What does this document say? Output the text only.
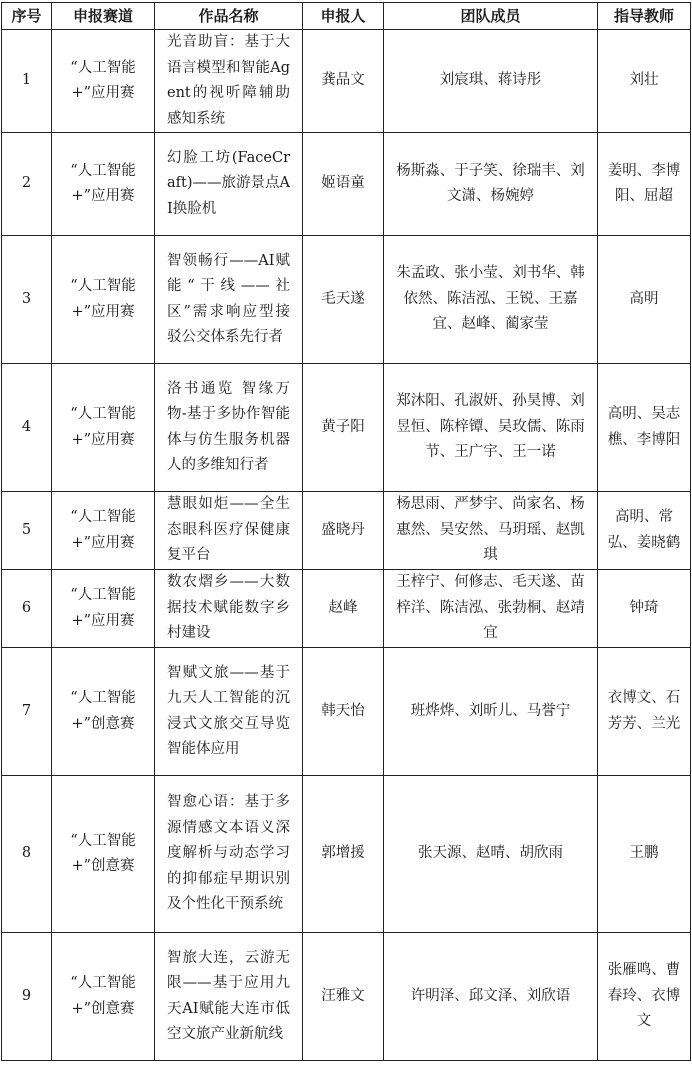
序号	申报赛道	作品名称	申报人	团队成员	指导教师
1	“人工智能+”应用赛	光音助盲：基于大语言模型和智能Agent的视听障辅助感知系统	龚品文	刘宸琪、蒋诗彤	刘壮
2	“人工智能+”应用赛	幻脸工坊(FaceCraft)——旅游景点AI换脸机	姬语童	杨斯淼、于子笑、徐瑞丰、刘文潇、杨婉婷	姜明、李博阳、屈超
3	“人工智能+”应用赛	智领畅行——AI赋能“干线——社区”需求响应型接驳公交体系先行者	毛天遂	朱孟政、张小莹、刘书华、韩依然、陈洁泓、王锐、王嘉宜、赵峰、蔺家莹	高明
4	“人工智能+”应用赛	洛书通览 智缘万物-基于多协作智能体与仿生服务机器人的多维知行者	黄子阳	郑沐阳、孔淑妍、孙昊博、刘昱恒、陈梓镡、吴玫儒、陈雨节、王广宇、王一诺	高明、吴志樵、李博阳
5	“人工智能+”应用赛	慧眼如炬——全生态眼科医疗保健康复平台	盛晓丹	杨思雨、严梦宇、尚家名、杨惠然、吴安然、马玥瑶、赵凯琪	高明、常弘、姜晓鹤
6	“人工智能+”应用赛	数农熠乡——大数据技术赋能数字乡村建设	赵峰	王梓宁、何修志、毛天遂、苗梓洋、陈洁泓、张勃桐、赵靖宜	钟琦
7	“人工智能+”创意赛	智赋文旅——基于九天人工智能的沉浸式文旅交互导览智能体应用	韩天怡	班烨烨、刘昕儿、马誉宁	衣博文、石芳芳、兰光
8	“人工智能+”创意赛	智愈心语：基于多源情感文本语义深度解析与动态学习的抑郁症早期识别及个性化干预系统	郭增援	张天源、赵晴、胡欣雨	王鹏
9	“人工智能+”创意赛	智旅大连，云游无限——基于应用九天AI赋能大连市低空文旅产业新航线	汪雅文	许明泽、邱文泽、刘欣语	张雁鸣、曹春玲、衣博文
